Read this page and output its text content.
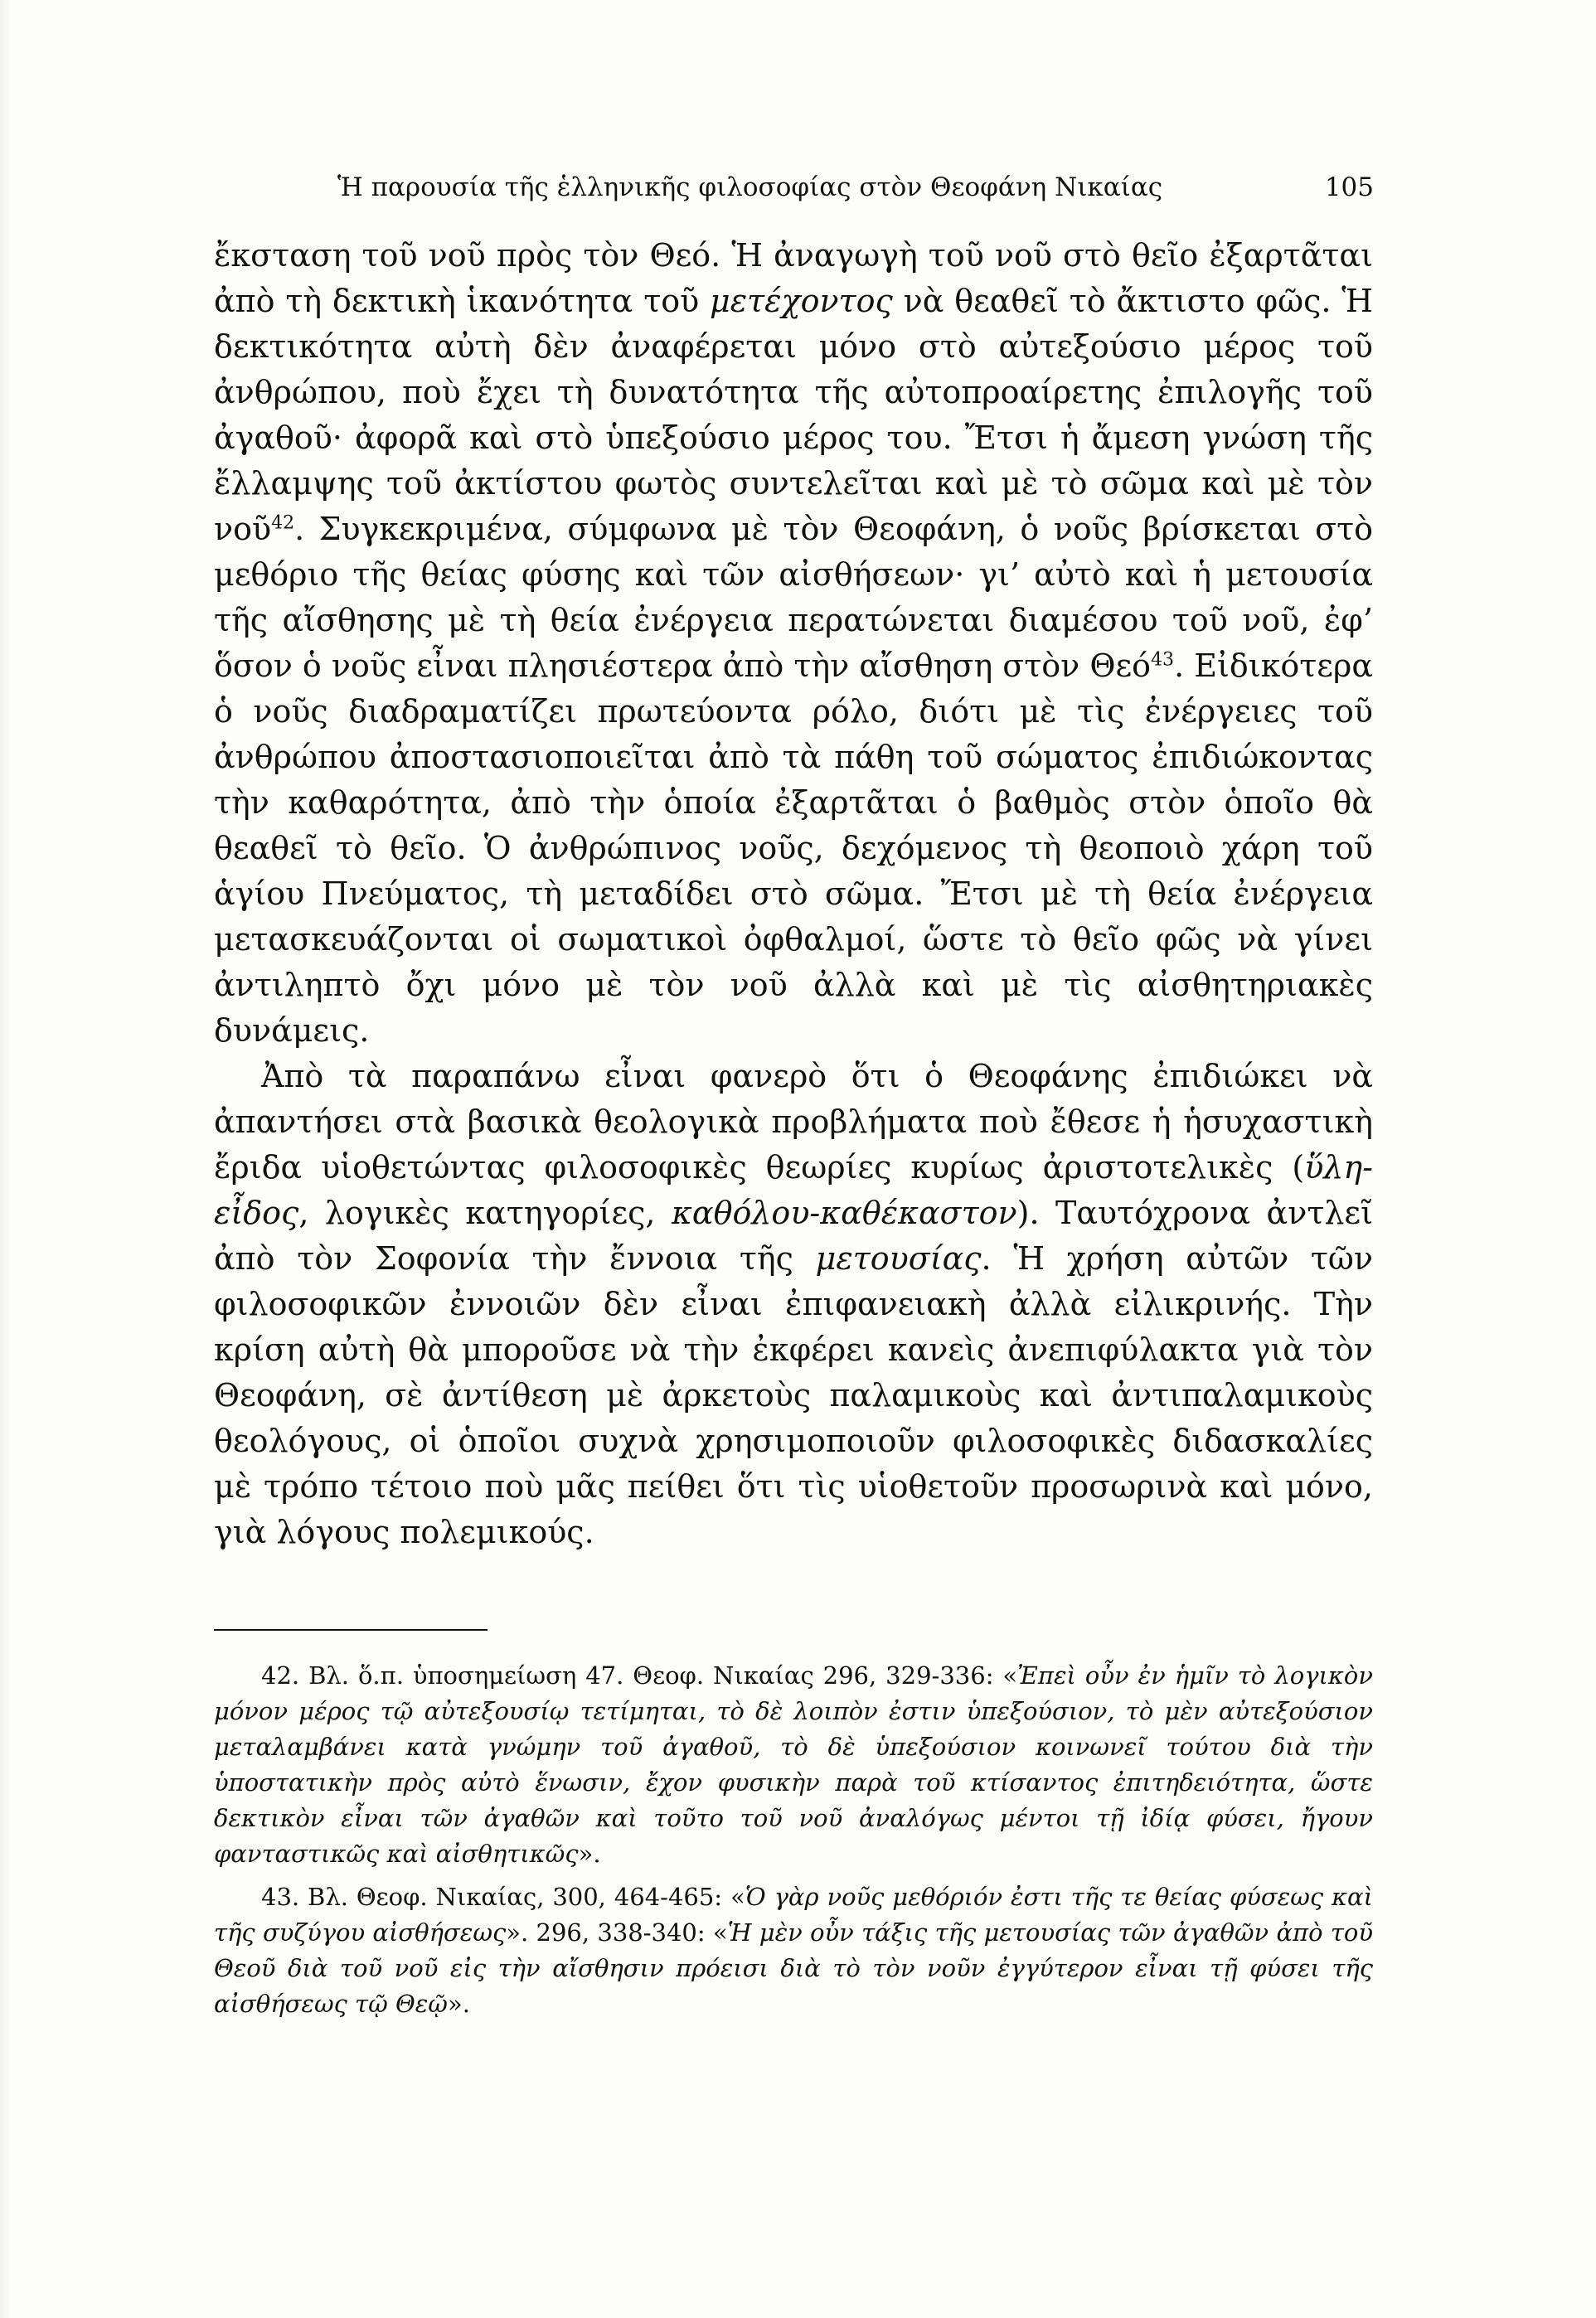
Ἡ παρουσία τῆς ἑλληνικῆς φιλοσοφίας στὸν Θεοφάνη Νικαίας	105

ἔκσταση τοῦ νοῦ πρὸς τὸν Θεό. Ἡ ἀναγωγὴ τοῦ νοῦ στὸ θεῖο ἐξαρτᾶται ἀπὸ τὴ δεκτικὴ ἱκανότητα τοῦ μετέχοντος νὰ θεαθεῖ τὸ ἄκτιστο φῶς. Ἡ δεκτικότητα αὐτὴ δὲν ἀναφέρεται μόνο στὸ αὐτεξούσιο μέρος τοῦ ἀνθρώπου, ποὺ ἔχει τὴ δυνατότητα τῆς αὐτοπροαίρετης ἐπιλογῆς τοῦ ἀγαθοῦ· ἀφορᾶ καὶ στὸ ὑπεξούσιο μέρος του. Ἔτσι ἡ ἄμεση γνώση τῆς ἔλλαμψης τοῦ ἀκτίστου φωτὸς συντελεῖται καὶ μὲ τὸ σῶμα καὶ μὲ τὸν νοῦ$^{42}$. Συγκεκριμένα, σύμφωνα μὲ τὸν Θεοφάνη, ὁ νοῦς βρίσκεται στὸ μεθόριο τῆς θείας φύσης καὶ τῶν αἰσθήσεων· γι’ αὐτὸ καὶ ἡ μετουσία τῆς αἴσθησης μὲ τὴ θεία ἐνέργεια περατώνεται διαμέσου τοῦ νοῦ, ἐφ’ ὅσον ὁ νοῦς εἶναι πλησιέστερα ἀπὸ τὴν αἴσθηση στὸν Θεό$^{43}$. Εἰδικότερα ὁ νοῦς διαδραματίζει πρωτεύοντα ρόλο, διότι μὲ τὶς ἐνέργειες τοῦ ἀνθρώπου ἀποστασιοποιεῖται ἀπὸ τὰ πάθη τοῦ σώματος ἐπιδιώκοντας τὴν καθαρότητα, ἀπὸ τὴν ὁποία ἐξαρτᾶται ὁ βαθμὸς στὸν ὁποῖο θὰ θεαθεῖ τὸ θεῖο. Ὁ ἀνθρώπινος νοῦς, δεχόμενος τὴ θεοποιὸ χάρη τοῦ ἁγίου Πνεύματος, τὴ μεταδίδει στὸ σῶμα. Ἔτσι μὲ τὴ θεία ἐνέργεια μετασκευάζονται οἱ σωματικοὶ ὀφθαλμοί, ὥστε τὸ θεῖο φῶς νὰ γίνει ἀντιληπτὸ ὄχι μόνο μὲ τὸν νοῦ ἀλλὰ καὶ μὲ τὶς αἰσθητηριακὲς δυνάμεις.

Ἀπὸ τὰ παραπάνω εἶναι φανερὸ ὅτι ὁ Θεοφάνης ἐπιδιώκει νὰ ἀπαντήσει στὰ βασικὰ θεολογικὰ προβλήματα ποὺ ἔθεσε ἡ ἡσυχαστικὴ ἔριδα υἱοθετώντας φιλοσοφικὲς θεωρίες κυρίως ἀριστοτελικὲς (ὕλη-εἶδος, λογικὲς κατηγορίες, καθόλου-καθέκαστον). Ταυτόχρονα ἀντλεῖ ἀπὸ τὸν Σοφονία τὴν ἔννοια τῆς μετουσίας. Ἡ χρήση αὐτῶν τῶν φιλοσοφικῶν ἐννοιῶν δὲν εἶναι ἐπιφανειακὴ ἀλλὰ εἰλικρινής. Τὴν κρίση αὐτὴ θὰ μποροῦσε νὰ τὴν ἐκφέρει κανεὶς ἀνεπιφύλακτα γιὰ τὸν Θεοφάνη, σὲ ἀντίθεση μὲ ἀρκετοὺς παλαμικοὺς καὶ ἀντιπαλαμικοὺς θεολόγους, οἱ ὁποῖοι συχνὰ χρησιμοποιοῦν φιλοσοφικὲς διδασκαλίες μὲ τρόπο τέτοιο ποὺ μᾶς πείθει ὅτι τὶς υἱοθετοῦν προσωρινὰ καὶ μόνο, γιὰ λόγους πολεμικούς.

42. Βλ. ὅ.π. ὑποσημείωση 47. Θεοφ. Νικαίας 296, 329-336: «Ἐπεὶ οὖν ἐν ἡμῖν τὸ λογικὸν μόνον μέρος τῷ αὐτεξουσίῳ τετίμηται, τὸ δὲ λοιπὸν ἐστιν ὑπεξούσιον, τὸ μὲν αὐτεξούσιον μεταλαμβάνει κατὰ γνώμην τοῦ ἀγαθοῦ, τὸ δὲ ὑπεξούσιον κοινωνεῖ τούτου διὰ τὴν ὑποστατικὴν πρὸς αὐτὸ ἕνωσιν, ἔχον φυσικὴν παρὰ τοῦ κτίσαντος ἐπιτηδειότητα, ὥστε δεκτικὸν εἶναι τῶν ἀγαθῶν καὶ τοῦτο τοῦ νοῦ ἀναλόγως μέντοι τῇ ἰδίᾳ φύσει, ἤγουν φανταστικῶς καὶ αἰσθητικῶς».

43. Βλ. Θεοφ. Νικαίας, 300, 464-465: «Ὁ γὰρ νοῦς μεθόριόν ἐστι τῆς τε θείας φύσεως καὶ τῆς συζύγου αἰσθήσεως». 296, 338-340: «Ἡ μὲν οὖν τάξις τῆς μετουσίας τῶν ἀγαθῶν ἀπὸ τοῦ Θεοῦ διὰ τοῦ νοῦ εἰς τὴν αἴσθησιν πρόεισι διὰ τὸ τὸν νοῦν ἐγγύτερον εἶναι τῇ φύσει τῆς αἰσθήσεως τῷ Θεῷ».
